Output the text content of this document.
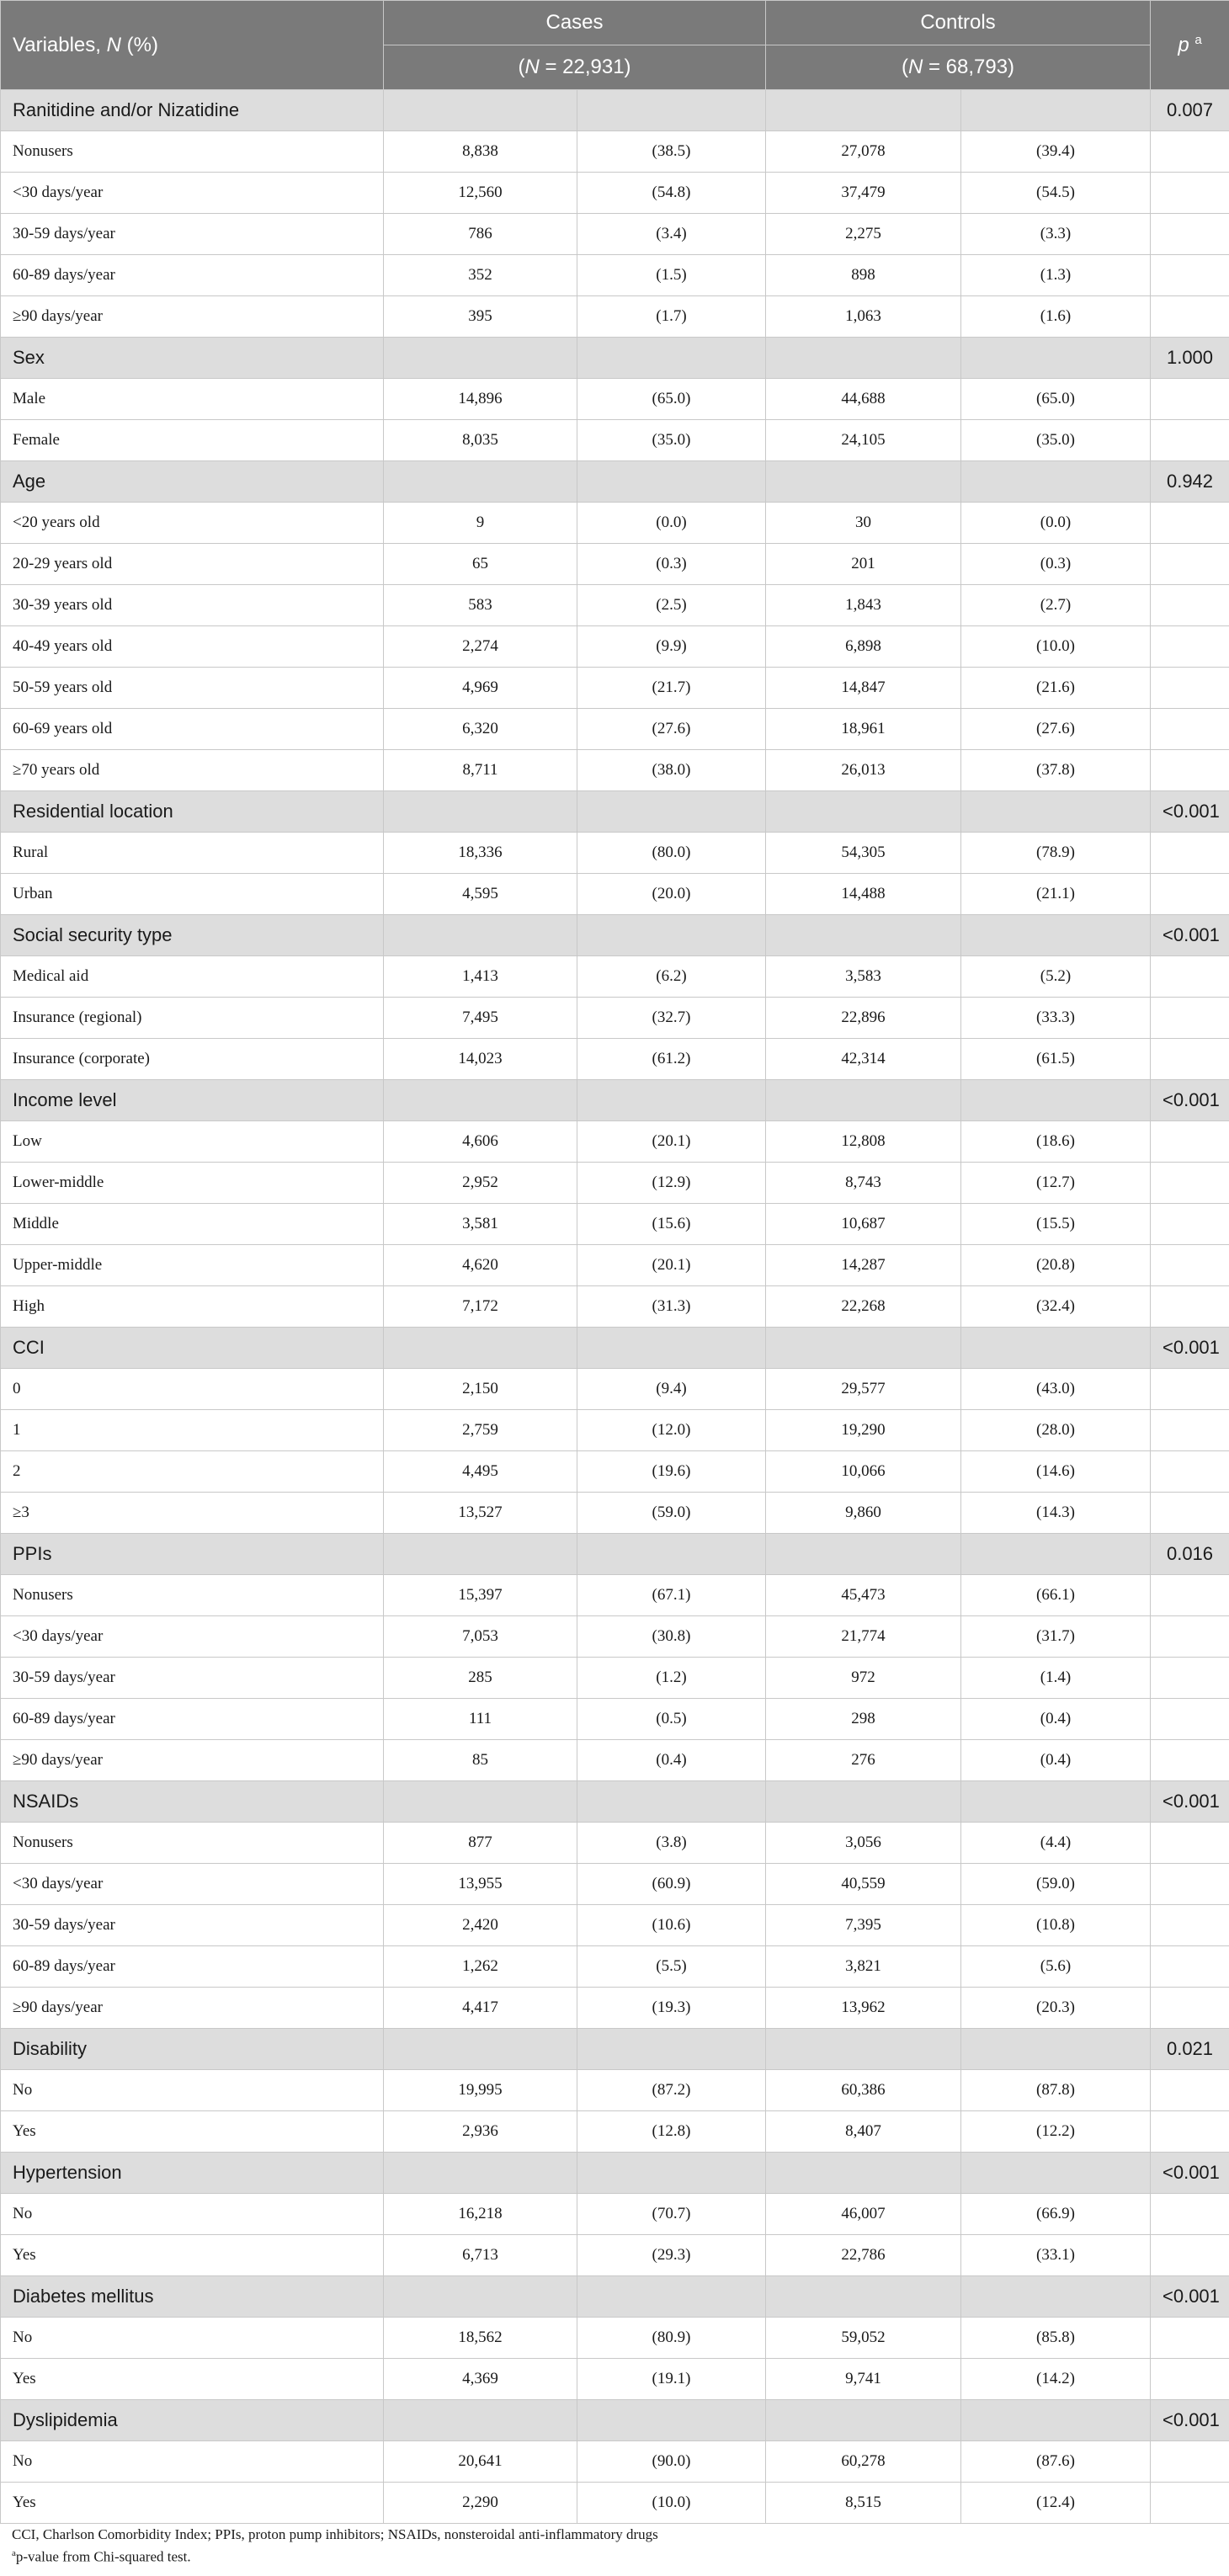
Variables, N (%)	Cases		Controls		p $^a$
	(N = 22,931)		(N = 68,793)		
Ranitidine and/or Nizatidine					0.007
Nonusers	8,838	(38.5)	27,078	(39.4)	
<30 days/year	12,560	(54.8)	37,479	(54.5)	
30-59 days/year	786	(3.4)	2,275	(3.3)	
60-89 days/year	352	(1.5)	898	(1.3)	
≥90 days/year	395	(1.7)	1,063	(1.6)	
Sex					1.000
Male	14,896	(65.0)	44,688	(65.0)	
Female	8,035	(35.0)	24,105	(35.0)	
Age					0.942
<20 years old	9	(0.0)	30	(0.0)	
20-29 years old	65	(0.3)	201	(0.3)	
30-39 years old	583	(2.5)	1,843	(2.7)	
40-49 years old	2,274	(9.9)	6,898	(10.0)	
50-59 years old	4,969	(21.7)	14,847	(21.6)	
60-69 years old	6,320	(27.6)	18,961	(27.6)	
≥70 years old	8,711	(38.0)	26,013	(37.8)	
Residential location					<0.001
Rural	18,336	(80.0)	54,305	(78.9)	
Urban	4,595	(20.0)	14,488	(21.1)	
Social security type					<0.001
Medical aid	1,413	(6.2)	3,583	(5.2)	
Insurance (regional)	7,495	(32.7)	22,896	(33.3)	
Insurance (corporate)	14,023	(61.2)	42,314	(61.5)	
Income level					<0.001
Low	4,606	(20.1)	12,808	(18.6)	
Lower-middle	2,952	(12.9)	8,743	(12.7)	
Middle	3,581	(15.6)	10,687	(15.5)	
Upper-middle	4,620	(20.1)	14,287	(20.8)	
High	7,172	(31.3)	22,268	(32.4)	
CCI					<0.001
0	2,150	(9.4)	29,577	(43.0)	
1	2,759	(12.0)	19,290	(28.0)	
2	4,495	(19.6)	10,066	(14.6)	
≥3	13,527	(59.0)	9,860	(14.3)	
PPIs					0.016
Nonusers	15,397	(67.1)	45,473	(66.1)	
<30 days/year	7,053	(30.8)	21,774	(31.7)	
30-59 days/year	285	(1.2)	972	(1.4)	
60-89 days/year	111	(0.5)	298	(0.4)	
≥90 days/year	85	(0.4)	276	(0.4)	
NSAIDs					<0.001
Nonusers	877	(3.8)	3,056	(4.4)	
<30 days/year	13,955	(60.9)	40,559	(59.0)	
30-59 days/year	2,420	(10.6)	7,395	(10.8)	
60-89 days/year	1,262	(5.5)	3,821	(5.6)	
≥90 days/year	4,417	(19.3)	13,962	(20.3)	
Disability					0.021
No	19,995	(87.2)	60,386	(87.8)	
Yes	2,936	(12.8)	8,407	(12.2)	
Hypertension					<0.001
No	16,218	(70.7)	46,007	(66.9)	
Yes	6,713	(29.3)	22,786	(33.1)	
Diabetes mellitus					<0.001
No	18,562	(80.9)	59,052	(85.8)	
Yes	4,369	(19.1)	9,741	(14.2)	
Dyslipidemia					<0.001
No	20,641	(90.0)	60,278	(87.6)	
Yes	2,290	(10.0)	8,515	(12.4)	
CCI, Charlson Comorbidity Index; PPIs, proton pump inhibitors; NSAIDs, nonsteroidal anti-inflammatory drugs
$^a$p-value from Chi-squared test.
